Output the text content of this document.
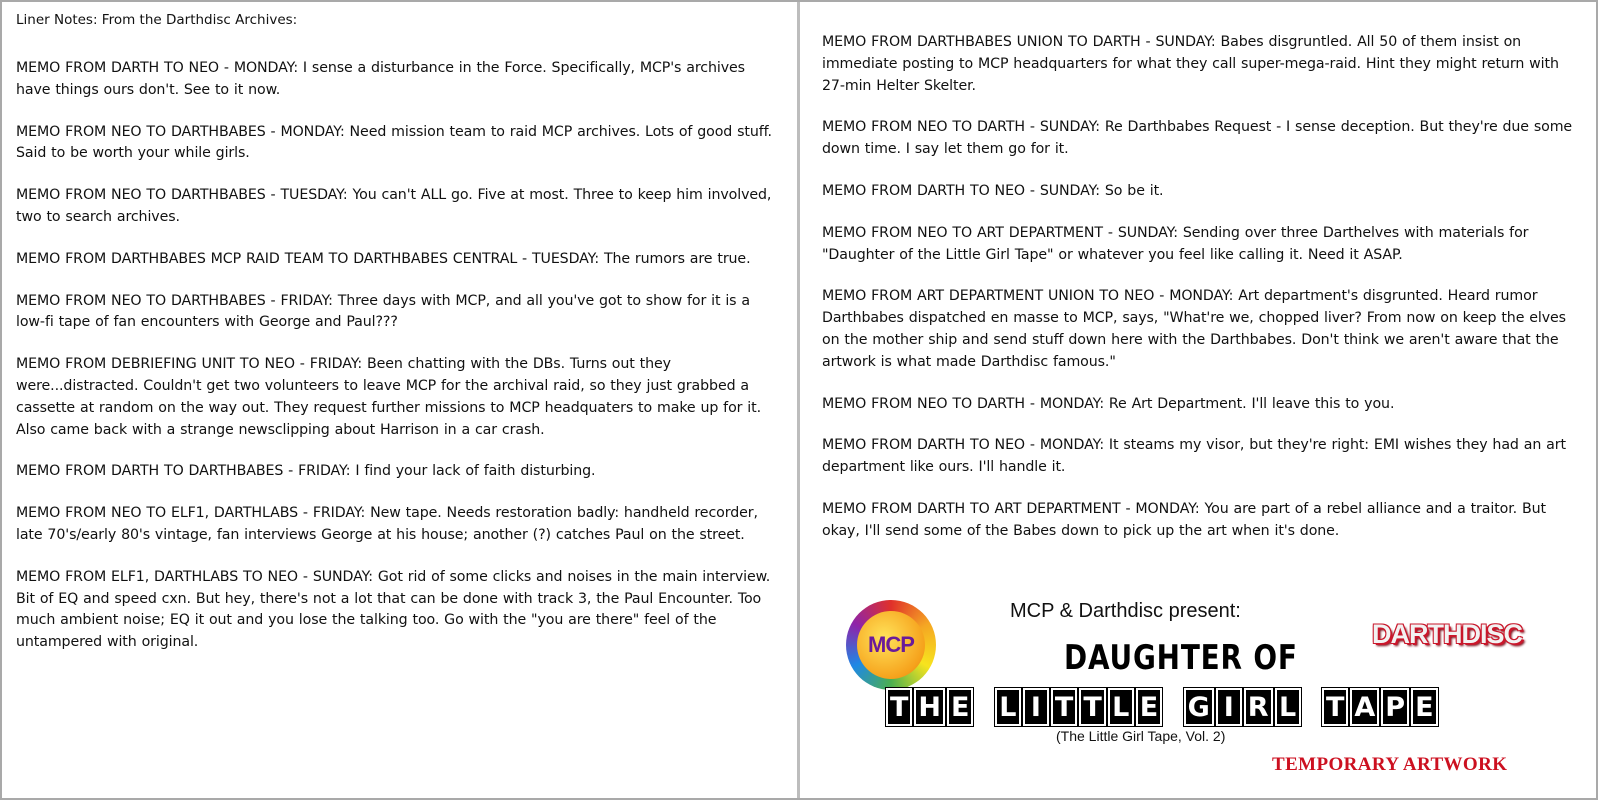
Liner Notes: From the Darthdisc Archives:

MEMO FROM DARTH TO NEO - MONDAY: I sense a disturbance in the Force. Specifically, MCP's archives have things ours don't. See to it now.

MEMO FROM NEO TO DARTHBABES - MONDAY: Need mission team to raid MCP archives. Lots of good stuff. Said to be worth your while girls.

MEMO FROM NEO TO DARTHBABES - TUESDAY: You can't ALL go. Five at most. Three to keep him involved, two to search archives.

MEMO FROM DARTHBABES MCP RAID TEAM TO DARTHBABES CENTRAL - TUESDAY: The rumors are true.

MEMO FROM NEO TO DARTHBABES - FRIDAY: Three days with MCP, and all you've got to show for it is a low-fi tape of fan encounters with George and Paul???

MEMO FROM DEBRIEFING UNIT TO NEO - FRIDAY: Been chatting with the DBs. Turns out they were...distracted. Couldn't get two volunteers to leave MCP for the archival raid, so they just grabbed a cassette at random on the way out. They request further missions to MCP headquaters to make up for it. Also came back with a strange newsclipping about Harrison in a car crash.

MEMO FROM DARTH TO DARTHBABES - FRIDAY: I find your lack of faith disturbing.

MEMO FROM NEO TO ELF1, DARTHLABS - FRIDAY: New tape. Needs restoration badly: handheld recorder, late 70's/early 80's vintage, fan interviews George at his house; another (?) catches Paul on the street.

MEMO FROM ELF1, DARTHLABS TO NEO - SUNDAY: Got rid of some clicks and noises in the main interview. Bit of EQ and speed cxn. But hey, there's not a lot that can be done with track 3, the Paul Encounter. Too much ambient noise; EQ it out and you lose the talking too. Go with the "you are there" feel of the untampered with original.

MEMO FROM DARTHBABES UNION TO DARTH - SUNDAY: Babes disgruntled. All 50 of them insist on immediate posting to MCP headquarters for what they call super-mega-raid. Hint they might return with 27-min Helter Skelter.

MEMO FROM NEO TO DARTH - SUNDAY: Re Darthbabes Request - I sense deception. But they're due some down time. I say let them go for it.

MEMO FROM DARTH TO NEO - SUNDAY: So be it.

MEMO FROM NEO TO ART DEPARTMENT - SUNDAY: Sending over three Darthelves with materials for "Daughter of the Little Girl Tape" or whatever you feel like calling it. Need it ASAP.

MEMO FROM ART DEPARTMENT UNION TO NEO - MONDAY: Art department's disgrunted. Heard rumor Darthbabes dispatched en masse to MCP, says, "What're we, chopped liver? From now on keep the elves on the mother ship and send stuff down here with the Darthbabes. Don't think we aren't aware that the artwork is what made Darthdisc famous."

MEMO FROM NEO TO DARTH - MONDAY: Re Art Department. I'll leave this to you.

MEMO FROM DARTH TO NEO - MONDAY: It steams my visor, but they're right: EMI wishes they had an art department like ours. I'll handle it.

MEMO FROM DARTH TO ART DEPARTMENT - MONDAY: You are part of a rebel alliance and a traitor. But okay, I'll send some of the Babes down to pick up the art when it's done.

MCP
MCP & Darthdisc present:
DARTHDISC
DAUGHTER OF
T H E
L I T T L E
G I R L
T A P E
(The Little Girl Tape, Vol. 2)
TEMPORARY ARTWORK
